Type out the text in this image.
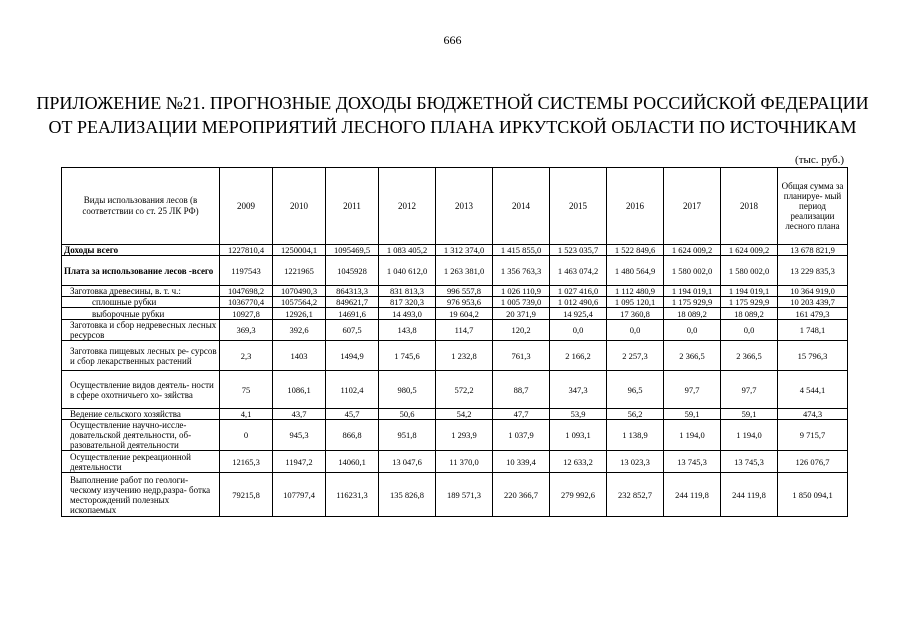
666
ПРИЛОЖЕНИЕ №21. ПРОГНОЗНЫЕ ДОХОДЫ БЮДЖЕТНОЙ СИСТЕМЫ РОССИЙСКОЙ ФЕДЕРАЦИИ
ОТ РЕАЛИЗАЦИИ МЕРОПРИЯТИЙ ЛЕСНОГО ПЛАНА ИРКУТСКОЙ ОБЛАСТИ ПО ИСТОЧНИКАМ
(тыс. руб.)
Виды использования лесов (в соответствии со ст. 25 ЛК РФ)	2009	2010	2011	2012	2013	2014	2015	2016	2017	2018	Общая сумма за планируе- мый период реализации лесного плана
Доходы всего	1227810,4	1250004,1	1095469,5	1 083 405,2	1 312 374,0	1 415 855,0	1 523 035,7	1 522 849,6	1 624 009,2	1 624 009,2	13 678 821,9
Плата за использование лесов -всего	1197543	1221965	1045928	1 040 612,0	1 263 381,0	1 356 763,3	1 463 074,2	1 480 564,9	1 580 002,0	1 580 002,0	13 229 835,3
Заготовка древесины, в. т. ч.:	1047698,2	1070490,3	864313,3	831 813,3	996 557,8	1 026 110,9	1 027 416,0	1 112 480,9	1 194 019,1	1 194 019,1	10 364 919,0
сплошные рубки	1036770,4	1057564,2	849621,7	817 320,3	976 953,6	1 005 739,0	1 012 490,6	1 095 120,1	1 175 929,9	1 175 929,9	10 203 439,7
выборочные рубки	10927,8	12926,1	14691,6	14 493,0	19 604,2	20 371,9	14 925,4	17 360,8	18 089,2	18 089,2	161 479,3
Заготовка и сбор недревесных лесных ресурсов	369,3	392,6	607,5	143,8	114,7	120,2	0,0	0,0	0,0	0,0	1 748,1
Заготовка пищевых лесных ре- сурсов и сбор лекарственных растений	2,3	1403	1494,9	1 745,6	1 232,8	761,3	2 166,2	2 257,3	2 366,5	2 366,5	15 796,3
Осуществление видов деятель- ности в сфере охотничьего хо- зяйства	75	1086,1	1102,4	980,5	572,2	88,7	347,3	96,5	97,7	97,7	4 544,1
Ведение сельского хозяйства	4,1	43,7	45,7	50,6	54,2	47,7	53,9	56,2	59,1	59,1	474,3
Осуществление научно-иссле- довательской деятельности, об- разовательной деятельности	0	945,3	866,8	951,8	1 293,9	1 037,9	1 093,1	1 138,9	1 194,0	1 194,0	9 715,7
Осуществление рекреационной деятельности	12165,3	11947,2	14060,1	13 047,6	11 370,0	10 339,4	12 633,2	13 023,3	13 745,3	13 745,3	126 076,7
Выполнение работ по геологи- ческому изучению недр,разра- ботка месторождений полезных ископаемых	79215,8	107797,4	116231,3	135 826,8	189 571,3	220 366,7	279 992,6	232 852,7	244 119,8	244 119,8	1 850 094,1
